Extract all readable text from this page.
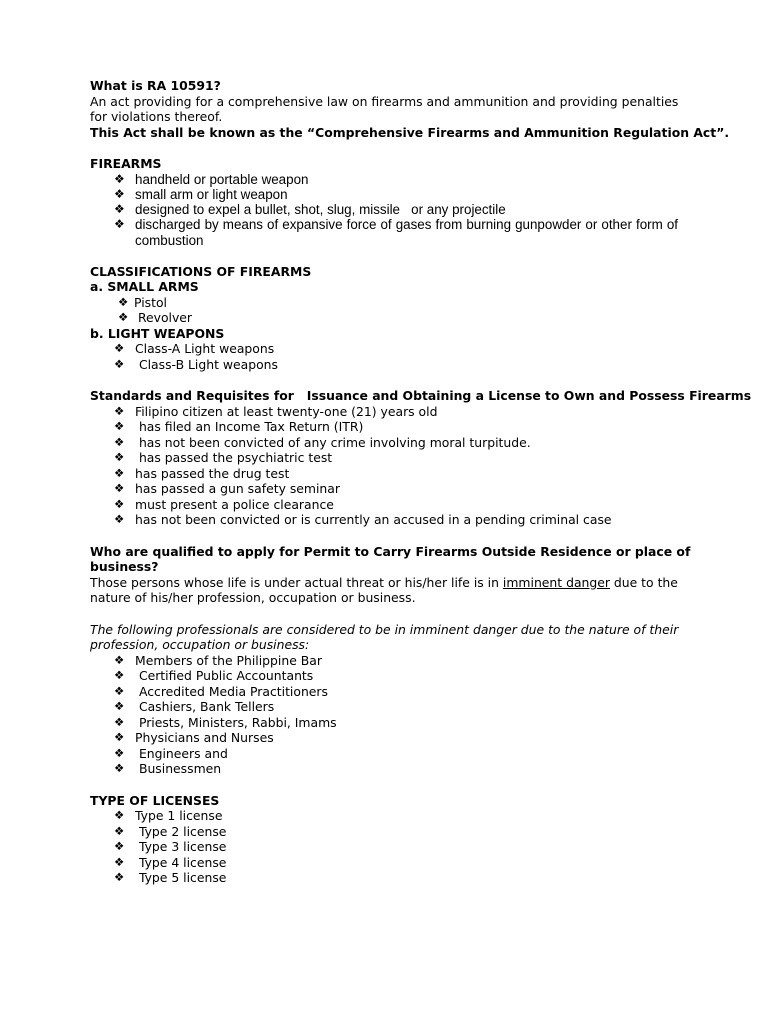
What is RA 10591?
An act providing for a comprehensive law on firearms and ammunition and providing penalties
for violations thereof.
This Act shall be known as the “Comprehensive Firearms and Ammunition Regulation Act”.
FIREARMS
❖ handheld or portable weapon
❖ small arm or light weapon
❖ designed to expel a bullet, shot, slug, missile   or any projectile
❖ discharged by means of expansive force of gases from burning gunpowder or other form of combustion
CLASSIFICATIONS OF FIREARMS
a. SMALL ARMS
❖ Pistol
❖ Revolver
b. LIGHT WEAPONS
❖ Class-A Light weapons
❖ Class-B Light weapons
Standards and Requisites for   Issuance and Obtaining a License to Own and Possess Firearms
❖ Filipino citizen at least twenty-one (21) years old
❖ has filed an Income Tax Return (ITR)
❖ has not been convicted of any crime involving moral turpitude.
❖ has passed the psychiatric test
❖ has passed the drug test
❖ has passed a gun safety seminar
❖ must present a police clearance
❖ has not been convicted or is currently an accused in a pending criminal case
Who are qualified to apply for Permit to Carry Firearms Outside Residence or place of
business?
Those persons whose life is under actual threat or his/her life is in imminent danger due to the
nature of his/her profession, occupation or business.
The following professionals are considered to be in imminent danger due to the nature of their
profession, occupation or business:
❖ Members of the Philippine Bar
❖ Certified Public Accountants
❖ Accredited Media Practitioners
❖ Cashiers, Bank Tellers
❖ Priests, Ministers, Rabbi, Imams
❖ Physicians and Nurses
❖ Engineers and
❖ Businessmen
TYPE OF LICENSES
❖ Type 1 license
❖ Type 2 license
❖ Type 3 license
❖ Type 4 license
❖ Type 5 license
